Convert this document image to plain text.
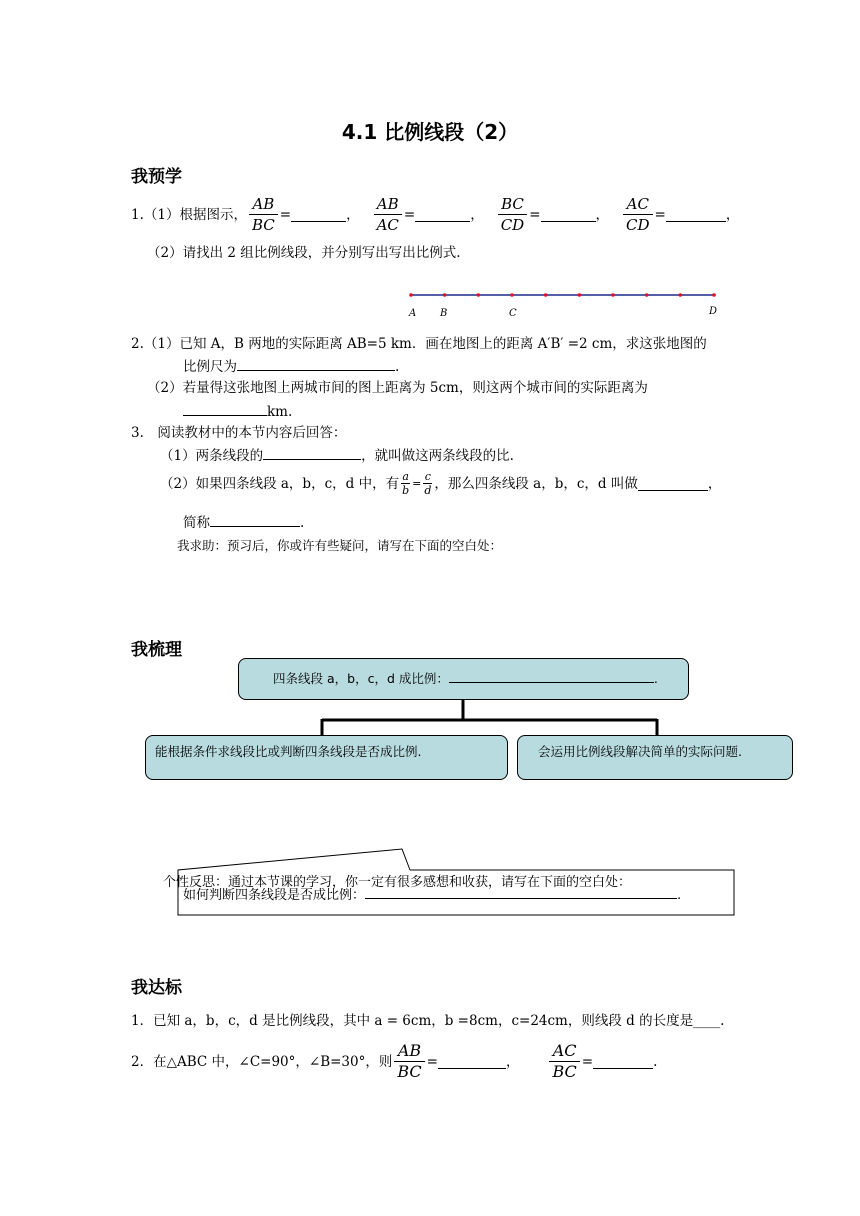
4.1 比例线段（2）
我预学
1.（1）根据图示， $\frac{AB}{BC}$ =	， $\frac{AB}{AC}$ =	， $\frac{BC}{CD}$ =	， $\frac{AC}{CD}$ =	，
（2）请找出 2 组比例线段，并分别写出写出比例式.
A B	C	D
2.（1）已知 A，B 两地的实际距离 AB=5 km．画在地图上的距离 A′B′ =2 cm，求这张地图的
比例尺为	.
（2）若量得这张地图上两城市间的图上距离为 5cm，则这两个城市间的实际距离为
km.
3.　阅读教材中的本节内容后回答：
（1）两条线段的	，就叫做这两条线段的比.
（2）如果四条线段 a，b，c，d 中，有 $\frac{a}{b} = \frac{c}{d}$ ，那么四条线段 a，b，c，d 叫做	，
简称	.
我求助：预习后，你或许有些疑问，请写在下面的空白处：
我梳理
四条线段 a，b，c，d 成比例：	.
能根据条件求线段比或判断四条线段是否成比例.	会运用比例线段解决简单的实际问题.
个性反思：通过本节课的学习，你一定有很多感想和收获，请写在下面的空白处：
如何判断四条线段是否成比例：	.
我达标
1．已知 a，b，c，d 是比例线段，其中 a = 6cm，b =8cm，c=24cm，则线段 d 的长度是____.
2．在△ABC 中，∠C=90°，∠B=30°，则 $\frac{AB}{BC}$ =	， $\frac{AC}{BC}$ =	.
